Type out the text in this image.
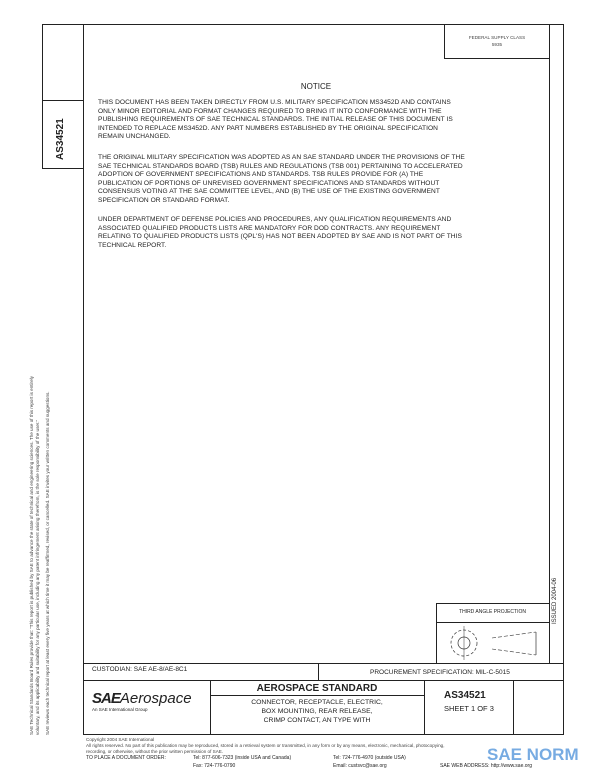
FEDERAL SUPPLY CLASS
5935
AS34521
NOTICE
THIS DOCUMENT HAS BEEN TAKEN DIRECTLY FROM U.S. MILITARY SPECIFICATION MS3452D AND CONTAINS
ONLY MINOR EDITORIAL AND FORMAT CHANGES REQUIRED TO BRING IT INTO CONFORMANCE WITH THE
PUBLISHING REQUIREMENTS OF SAE TECHNICAL STANDARDS. THE INITIAL RELEASE OF THIS DOCUMENT IS
INTENDED TO REPLACE MS3452D. ANY PART NUMBERS ESTABLISHED BY THE ORIGINAL SPECIFICATION
REMAIN UNCHANGED.
THE ORIGINAL MILITARY SPECIFICATION WAS ADOPTED AS AN SAE STANDARD UNDER THE PROVISIONS OF THE
SAE TECHNICAL STANDARDS BOARD (TSB) RULES AND REGULATIONS (TSB 001) PERTAINING TO ACCELERATED
ADOPTION OF GOVERNMENT SPECIFICATIONS AND STANDARDS. TSB RULES PROVIDE FOR (A) THE
PUBLICATION OF PORTIONS OF UNREVISED GOVERNMENT SPECIFICATIONS AND STANDARDS WITHOUT
CONSENSUS VOTING AT THE SAE COMMITTEE LEVEL, AND (B) THE USE OF THE EXISTING GOVERNMENT
SPECIFICATION OR STANDARD FORMAT.
UNDER DEPARTMENT OF DEFENSE POLICIES AND PROCEDURES, ANY QUALIFICATION REQUIREMENTS AND
ASSOCIATED QUALIFIED PRODUCTS LISTS ARE MANDATORY FOR DOD CONTRACTS. ANY REQUIREMENT
RELATING TO QUALIFIED PRODUCTS LISTS (QPL'S) HAS NOT BEEN ADOPTED BY SAE AND IS NOT PART OF THIS
TECHNICAL REPORT.
SAE Technical Standards Board Rules provide that: "This report is published by SAE to advance the state of technical and engineering sciences. The use of this report is entirely voluntary, and its applicability and suitability for any particular use, including any patent infringement arising therefrom, is the sole responsibility of the user." SAE reviews each technical report at least every five years at which time it may be reaffirmed, revised, or cancelled. SAE invites your written comments and suggestions.	ISSUED 2004-06
THIRD ANGLE PROJECTION
CUSTODIAN: SAE AE-8/AE-8C1	PROCUREMENT SPECIFICATION: MIL-C-5015
SAEAerospace
An SAE International Group
AEROSPACE STANDARD
CONNECTOR, RECEPTACLE, ELECTRIC,
BOX MOUNTING, REAR RELEASE,
CRIMP CONTACT, AN TYPE WITH
AS34521
SHEET 1 OF 3
Copyright 2004 SAE International
All rights reserved. No part of this publication may be reproduced, stored in a retrieval system or transmitted, in any form or by any means, electronic, mechanical, photocopying,
recording, or otherwise, without the prior written permission of SAE.
TO PLACE A DOCUMENT ORDER:	Tel: 877-606-7323 (inside USA and Canada)
Fax: 724-776-0790
Tel: 724-776-4970 (outside USA)
Email: custsvc@sae.org	SAE WEB ADDRESS: http://www.sae.org
SAE NORM
